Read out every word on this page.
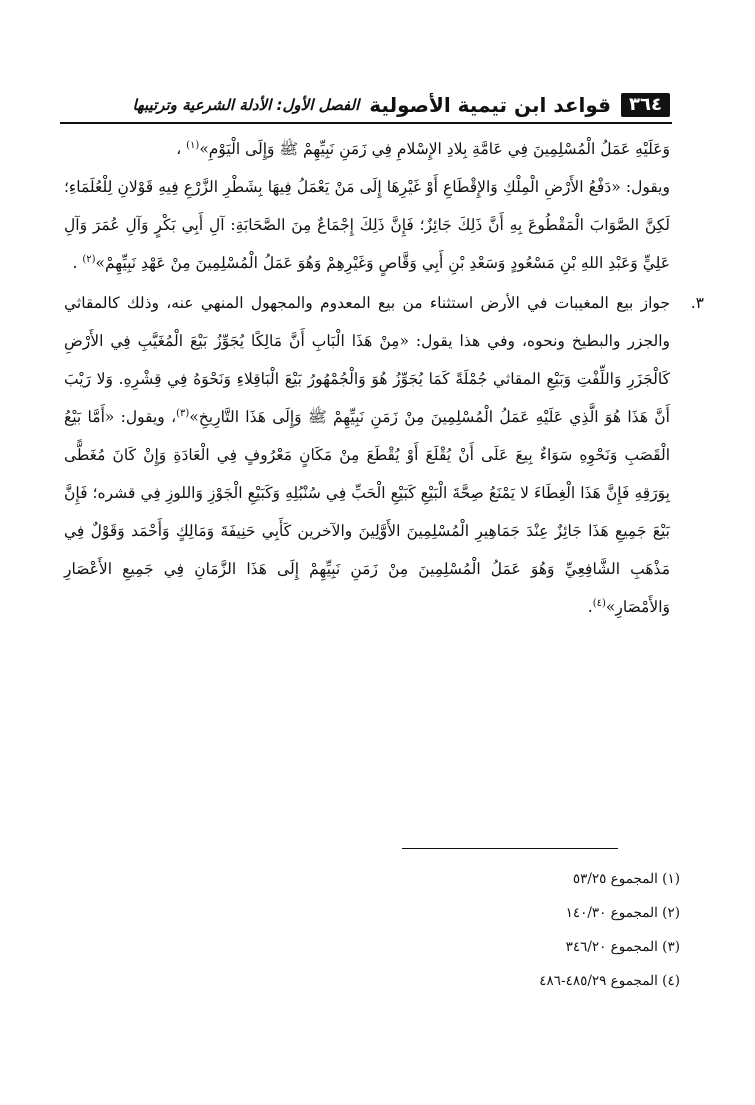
٣٦٤
قواعد ابن تيمية الأصولية
الفصل الأول: الأدلة الشرعية وترتيبها

وَعَلَيْهِ عَمَلُ الْمُسْلِمِينَ فِي عَامَّةِ بِلادِ الإِسْلامِ فِي زَمَنِ نَبِيِّهِمْ ﷺ وَإِلَى الْيَوْمِ»$^{(١)}$ ،

ويقول: «دَفْعُ الأَرْضِ الْمِلْكِ وَالإِقْطَاعِ أَوْ غَيْرِهَا إِلَى مَنْ يَعْمَلُ فِيهَا بِشَطْرِ الزَّرْعِ فِيهِ قَوْلانِ لِلْعُلَمَاءِ؛ لَكِنَّ الصَّوَابَ الْمَقْطُوعَ بِهِ أَنَّ ذَلِكَ جَائِزٌ؛ فَإِنَّ ذَلِكَ إِجْمَاعٌ مِنَ الصَّحَابَةِ: آلِ أَبِي بَكْرٍ وَآلِ عُمَرَ وَآلِ عَلِيٍّ وَعَبْدِ اللهِ بْنِ مَسْعُودٍ وَسَعْدِ بْنِ أَبِي وَقَّاصٍ وَغَيْرِهِمْ وَهُوَ عَمَلُ الْمُسْلِمِينَ مِنْ عَهْدِ نَبِيِّهِمْ»$^{(٢)}$ .

٣.

جواز بيع المغيبات في الأرض استثناء من بيع المعدوم والمجهول المنهي عنه، وذلك كالمقاثي والجزر والبطيخ ونحوه، وفي هذا يقول: «مِنْ هَذَا الْبَابِ أَنَّ مَالِكًا يُجَوِّزُ بَيْعَ الْمُغَيَّبِ فِي الأَرْضِ كَالْجَزَرِ وَاللِّفْتِ وَبَيْعِ المقاثي جُمْلَةً كَمَا يُجَوِّزُ هُوَ وَالْجُمْهُورُ بَيْعَ الْبَاقِلاءِ وَنَحْوَهُ فِي قِشْرِهِ. وَلا رَيْبَ أَنَّ هَذَا هُوَ الَّذِي عَلَيْهِ عَمَلُ الْمُسْلِمِينَ مِنْ زَمَنِ نَبِيِّهِمْ ﷺ وَإِلَى هَذَا التَّارِيخِ»$^{(٣)}$، ويقول: «أَمَّا بَيْعُ الْقَصَبِ وَنَحْوِهِ سَوَاءٌ بِيعَ عَلَى أَنْ يُقْلَعَ أَوْ يُقْطَعَ مِنْ مَكَانٍ مَعْرُوفٍ فِي الْعَادَةِ وَإِنْ كَانَ مُغَطًّى بِوَرَقِهِ فَإِنَّ هَذَا الْغِطَاءَ لا يَمْنَعُ صِحَّةَ الْبَيْعِ كَبَيْعِ الْحَبِّ فِي سُنْبُلِهِ وَكَبَيْعِ الْجَوْزِ وَاللوزِ فِي قشره؛ فَإِنَّ بَيْعَ جَمِيعِ هَذَا جَائِزٌ عِنْدَ جَمَاهِيرِ الْمُسْلِمِينَ الأَوَّلِينَ والآخرين كَأَبِي حَنِيفَةَ وَمَالِكٍ وَأَحْمَد وَقَوْلٌ فِي مَذْهَبِ الشَّافِعِيِّ وَهُوَ عَمَلُ الْمُسْلِمِينَ مِنْ زَمَنِ نَبِيِّهِمْ إِلَى هَذَا الزَّمَانِ فِي جَمِيعِ الأَعْصَارِ وَالأَمْصَارِ»$^{(٤)}$.

(١) المجموع ٥٣/٢٥

(٢) المجموع ١٤٠/٣٠

(٣) المجموع ٣٤٦/٢٠

(٤) المجموع ٤٨٥/٢٩-٤٨٦
